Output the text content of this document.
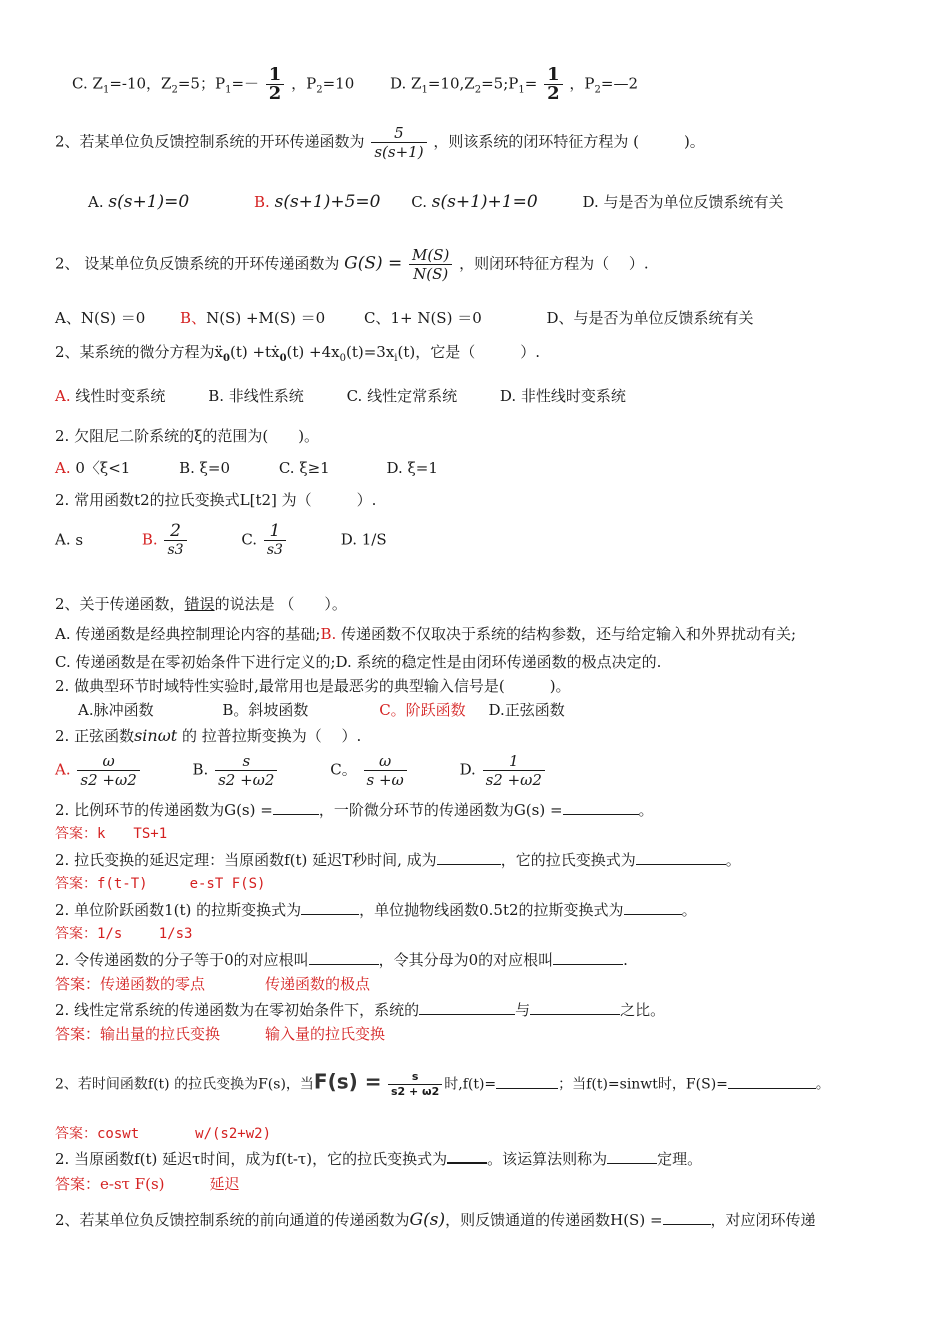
C. $Z_1=-10$，$Z_2=5$；$P_1=- \frac{1}{2}$ ，$P_2=10$ D. $Z_1=10,Z_2=5;P_1= \frac{1}{2}$ ，$P_2=—2$
2、若某单位负反馈控制系统的开环传递函数为 $\frac{5}{s(s+1)}$ ，则该系统的闭环特征方程为 (　　　)。
A. s(s+1)=0	B. s(s+1)+5=0 C. s(s+1)+1=0	D. 与是否为单位反馈系统有关
2、 设某单位负反馈系统的开环传递函数为 $G(S) = \frac{M(S)}{N(S)}$ ，则闭环特征方程为（　 ）.
A、N(S) ＝0 B、N(S) +M(S) ＝0	C、1+ N(S) ＝0	D、与是否为单位反馈系统有关
2、某系统的微分方程为ẍ$_0$(t) +tẋ$_0$(t) $+4x_0(t)=3x_i(t)$，它是（　　　）.
A. 线性时变系统	B. 非线性系统	C. 线性定常系统	D. 非性线时变系统
2. 欠阻尼二阶系统的ξ的范围为(　　)。
A. 0〈ξ<1	B. ξ=0	C. ξ≥1	D. ξ=1
2. 常用函数t2的拉氏变换式L[t2] 为（　　　）.
A. s	B. $\frac{2}{s3}$	C. $\frac{1}{s3}$	D. 1/S
2、关于传递函数，错误的说法是 （　　）。
A. 传递函数是经典控制理论内容的基础;B. 传递函数不仅取决于系统的结构参数，还与给定输入和外界扰动有关;
C. 传递函数是在零初始条件下进行定义的;D. 系统的稳定性是由闭环传递函数的极点决定的.
2. 做典型环节时域特性实验时,最常用也是最恶劣的典型输入信号是(　　　)。
A.脉冲函数	B。斜坡函数	C。阶跃函数 D.正弦函数
2. 正弦函数sinωt 的 拉普拉斯变换为（　 ）.
A. $\frac{\omega}{s2 +\omega 2}$	B. $\frac{s}{s2 +\omega 2}$	C。 $\frac{\omega}{s +\omega}$	D. $\frac{1}{s2 +\omega 2}$
2. 比例环节的传递函数为G(s) =	，一阶微分环节的传递函数为G(s) =	。
答案：k　　TS+1
2. 拉氏变换的延迟定理：当原函数f(t) 延迟T秒时间, 成为	，它的拉氏变换式为	。
答案：f(t-T)　　　e-sT F(S)
2. 单位阶跃函数1(t) 的拉斯变换式为	，单位抛物线函数0.5t2的拉斯变换式为	。
答案：1/s　　 1/s3
2. 令传递函数的分子等于0的对应根叫	，令其分母为0的对应根叫	.
答案：传递函数的零点　　　　传递函数的极点
2. 线性定常系统的传递函数为在零初始条件下，系统的	与	之比。
答案：输出量的拉氏变换　　　输入量的拉氏变换
2、若时间函数f(t) 的拉氏变换为F(s)，当$F(s) = \frac{s}{s2 + \omega 2}$ 时,f(t)=	；当f(t)=sinwt时，F(S)=	。
答案：coswt　　　　w/(s2+w2)
2. 当原函数f(t) 延迟τ时间，成为f(t-τ)，它的拉氏变换式为	。该运算法则称为	定理。
答案：e-sτ F(s)　　　延迟
2、若某单位负反馈控制系统的前向通道的传递函数为G(s)，则反馈通道的传递函数H(S) =	，对应闭环传递
